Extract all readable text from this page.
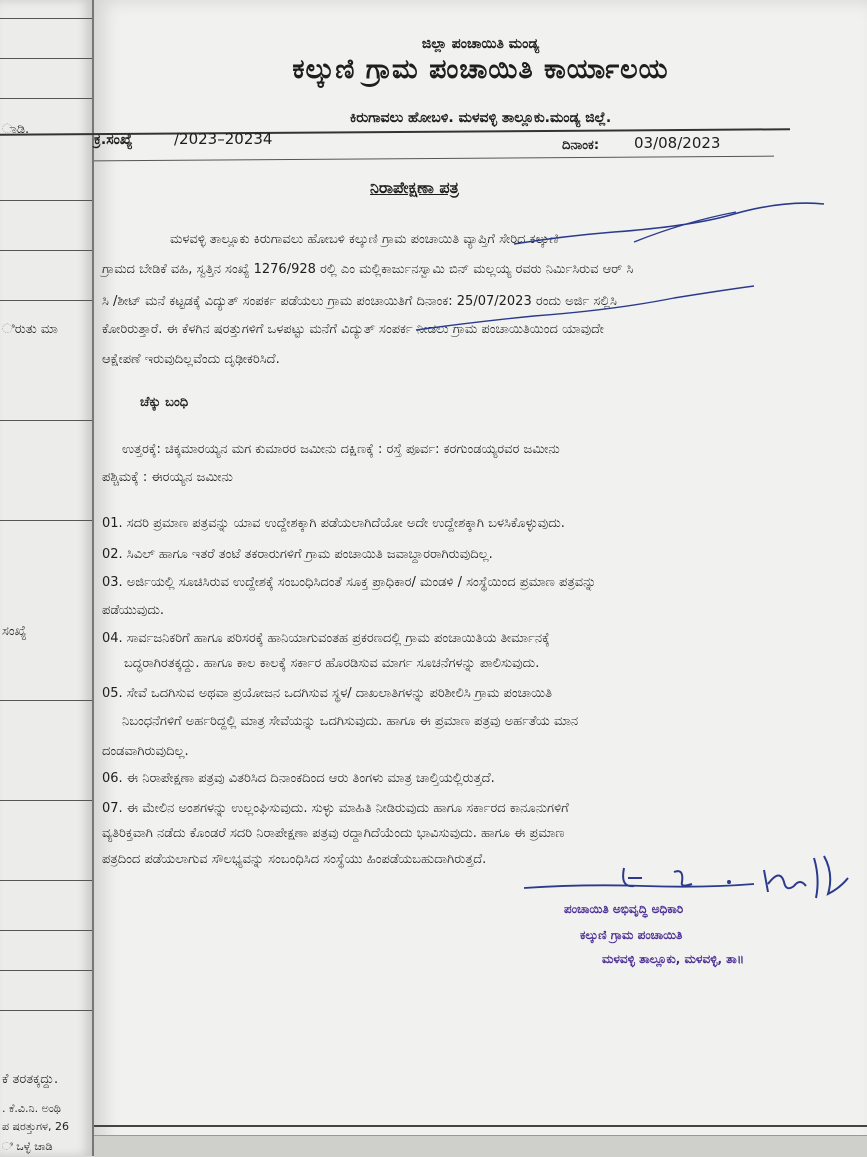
ಾಡಿ.
ಿರುತು ಮಾ
ಸಂಖ್ಯೆ
ಕೆ ತರತಕ್ಕದ್ದು.
. ಕೆ.ವಿ.ನಿ. ಅಂಥಿ
ಪ ಷರತ್ತುಗಳ, 26
ಿ ಒಳ್ಳೆ ಚಾಡಿ
ಜಿಲ್ಲಾ ಪಂಚಾಯಿತಿ ಮಂಡ್ಯ
ಕಲ್ಕುಣಿ ಗ್ರಾಮ ಪಂಚಾಯಿತಿ ಕಾರ್ಯಾಲಯ
ಕಿರುಗಾವಲು ಹೋಬಳಿ. ಮಳವಳ್ಳಿ ತಾಲ್ಲೂಕು.ಮಂಡ್ಯ ಜಿಲ್ಲೆ.
ಕ್ರ.ಸಂಖ್ಯೆ	/2023–20234	ದಿನಾಂಕ: 03/08/2023
ನಿರಾಪೇಕ್ಷಣಾ ಪತ್ರ
ಮಳವಳ್ಳಿ ತಾಲ್ಲೂಕು ಕಿರುಗಾವಲು ಹೋಬಳಿ ಕಲ್ಕುಣಿ ಗ್ರಾಮ ಪಂಚಾಯಿತಿ ವ್ಯಾಪ್ತಿಗೆ ಸೇರಿದ ಕಲ್ಕುಣಿ
ಗ್ರಾಮದ ಬೇಡಿಕೆ ವಹಿ, ಸ್ವತ್ತಿನ ಸಂಖ್ಯೆ 1276/928 ರಲ್ಲಿ ಎಂ ಮಲ್ಲಿಕಾರ್ಜುನಸ್ವಾಮಿ ಬಿನ್ ಮಲ್ಲಯ್ಯ ರವರು ನಿರ್ಮಿಸಿರುವ ಆರ್ ಸಿ
ಸಿ /ಶೀಟ್ ಮನೆ ಕಟ್ಟಡಕ್ಕೆ ವಿದ್ಯುತ್ ಸಂಪರ್ಕ ಪಡೆಯಲು ಗ್ರಾಮ ಪಂಚಾಯಿತಿಗೆ ದಿನಾಂಕ: 25/07/2023 ರಂದು ಅರ್ಜಿ ಸಲ್ಲಿಸಿ
ಕೋರಿರುತ್ತಾರೆ. ಈ ಕೆಳಗಿನ ಷರತ್ತುಗಳಿಗೆ ಒಳಪಟ್ಟು ಮನೆಗೆ ವಿದ್ಯುತ್ ಸಂಪರ್ಕ ನೀಡಲು ಗ್ರಾಮ ಪಂಚಾಯಿತಿಯಿಂದ ಯಾವುದೇ
ಆಕ್ಷೇಪಣೆ ಇರುವುದಿಲ್ಲವೆಂದು ದೃಢೀಕರಿಸಿದೆ.
ಚೆಕ್ಕು ಬಂಧಿ
ಉತ್ತರಕ್ಕೆ: ಚಿಕ್ಕಮಾರಯ್ಯನ ಮಗ ಕುಮಾರರ ಜಮೀನು ದಕ್ಷಿಣಕ್ಕೆ : ರಸ್ತೆ ಪೂರ್ವ: ಕರಗುಂಡಯ್ಯರವರ ಜಮೀನು
ಪಶ್ಚಿಮಕ್ಕೆ : ಈರಯ್ಯನ ಜಮೀನು
01. ಸದರಿ ಪ್ರಮಾಣ ಪತ್ರವನ್ನು ಯಾವ ಉದ್ದೇಶಕ್ಕಾಗಿ ಪಡೆಯಲಾಗಿದೆಯೋ ಅದೇ ಉದ್ದೇಶಕ್ಕಾಗಿ ಬಳಸಿಕೊಳ್ಳುವುದು.
02. ಸಿವಿಲ್ ಹಾಗೂ ಇತರೆ ತಂಟೆ ತಕರಾರುಗಳಿಗೆ ಗ್ರಾಮ ಪಂಚಾಯಿತಿ ಜವಾಬ್ದಾರರಾಗಿರುವುದಿಲ್ಲ.
03. ಅರ್ಜಿಯಲ್ಲಿ ಸೂಚಿಸಿರುವ ಉದ್ದೇಶಕ್ಕೆ ಸಂಬಂಧಿಸಿದಂತೆ ಸೂಕ್ತ ಪ್ರಾಧಿಕಾರ/ ಮಂಡಳಿ / ಸಂಸ್ಥೆಯಿಂದ ಪ್ರಮಾಣ ಪತ್ರವನ್ನು
ಪಡೆಯುವುದು.
04. ಸಾರ್ವಜನಿಕರಿಗೆ ಹಾಗೂ ಪರಿಸರಕ್ಕೆ ಹಾನಿಯಾಗುವಂತಹ ಪ್ರಕರಣದಲ್ಲಿ ಗ್ರಾಮ ಪಂಚಾಯಿತಿಯ ತೀರ್ಮಾನಕ್ಕೆ
ಬದ್ಧರಾಗಿರತಕ್ಕದ್ದು. ಹಾಗೂ ಕಾಲ ಕಾಲಕ್ಕೆ ಸರ್ಕಾರ ಹೊರಡಿಸುವ ಮಾರ್ಗ ಸೂಚನೆಗಳನ್ನು ಪಾಲಿಸುವುದು.
05. ಸೇವೆ ಒದಗಿಸುವ ಅಥವಾ ಪ್ರಯೋಜನ ಒದಗಿಸುವ ಸ್ಥಳ/ ದಾಖಲಾತಿಗಳನ್ನು ಪರಿಶೀಲಿಸಿ ಗ್ರಾಮ ಪಂಚಾಯಿತಿ
ನಿಬಂಧನೆಗಳಿಗೆ ಅರ್ಹರಿದ್ದಲ್ಲಿ ಮಾತ್ರ ಸೇವೆಯನ್ನು ಒದಗಿಸುವುದು. ಹಾಗೂ ಈ ಪ್ರಮಾಣ ಪತ್ರವು ಅರ್ಹತೆಯ ಮಾನ
ದಂಡವಾಗಿರುವುದಿಲ್ಲ.
06. ಈ ನಿರಾಪೇಕ್ಷಣಾ ಪತ್ರವು ವಿತರಿಸಿದ ದಿನಾಂಕದಿಂದ ಆರು ತಿಂಗಳು ಮಾತ್ರ ಚಾಲ್ತಿಯಲ್ಲಿರುತ್ತದೆ.
07. ಈ ಮೇಲಿನ ಅಂಶಗಳನ್ನು ಉಲ್ಲಂಘಿಸುವುದು. ಸುಳ್ಳು ಮಾಹಿತಿ ನೀಡಿರುವುದು ಹಾಗೂ ಸರ್ಕಾರದ ಕಾನೂನುಗಳಿಗೆ
ವ್ಯತಿರಿಕ್ತವಾಗಿ ನಡೆದು ಕೊಂಡರೆ ಸದರಿ ನಿರಾಪೇಕ್ಷಣಾ ಪತ್ರವು ರದ್ದಾಗಿದೆಯೆಂದು ಭಾವಿಸುವುದು. ಹಾಗೂ ಈ ಪ್ರಮಾಣ
ಪತ್ರದಿಂದ ಪಡೆಯಲಾಗುವ ಸೌಲಭ್ಯವನ್ನು ಸಂಬಂಧಿಸಿದ ಸಂಸ್ಥೆಯು ಹಿಂಪಡೆಯಬಹುದಾಗಿರುತ್ತದೆ.
ಪಂಚಾಯಿತಿ ಅಭಿವೃದ್ಧಿ ಅಧಿಕಾರಿ
ಕಲ್ಕುಣಿ ಗ್ರಾಮ ಪಂಚಾಯಿತಿ
ಮಳವಳ್ಳಿ ತಾಲ್ಲೂಕು, ಮಳವಳ್ಳಿ, ತಾ॥
